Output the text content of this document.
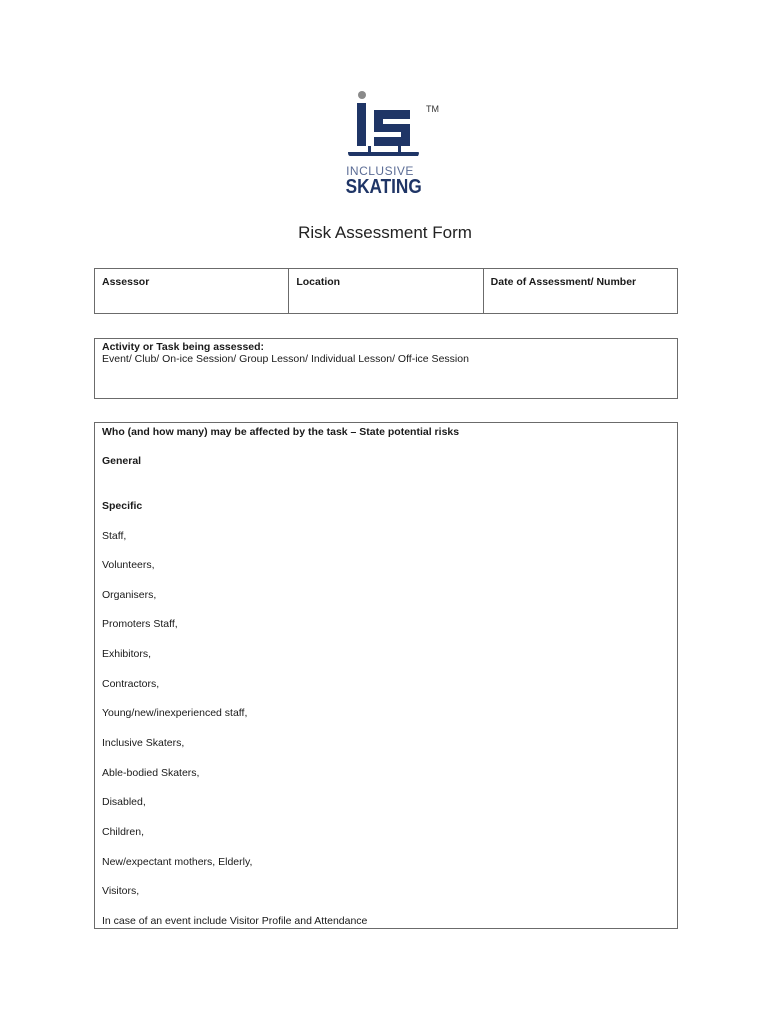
TM
INCLUSIVE
SKATING
Risk Assessment Form
Assessor	Location	Date of Assessment/ Number
Activity or Task being assessed:
Event/ Club/ On-ice Session/ Group Lesson/ Individual Lesson/ Off-ice Session
Who (and how many) may be affected by the task – State potential risks
General
Specific
Staff,
Volunteers,
Organisers,
Promoters Staff,
Exhibitors,
Contractors,
Young/new/inexperienced staff,
Inclusive Skaters,
Able-bodied Skaters,
Disabled,
Children,
New/expectant mothers, Elderly,
Visitors,
In case of an event include Visitor Profile and Attendance
